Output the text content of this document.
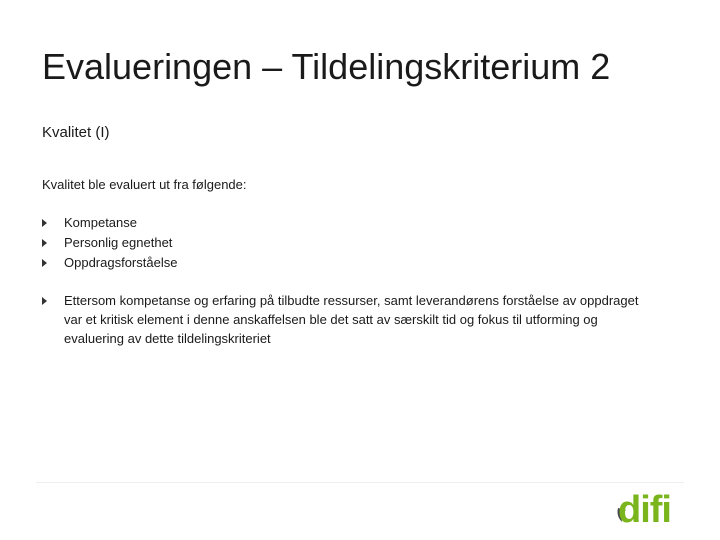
Evalueringen – Tildelingskriterium 2
Kvalitet (I)
Kvalitet ble evaluert ut fra følgende:
Kompetanse
Personlig egnethet
Oppdragsforståelse
Ettersom kompetanse og erfaring på tilbudte ressurser, samt leverandørens forståelse av oppdraget var et kritisk element i denne anskaffelsen ble det satt av særskilt tid og fokus til utforming og evaluering av dette tildelingskriteriet
difi
